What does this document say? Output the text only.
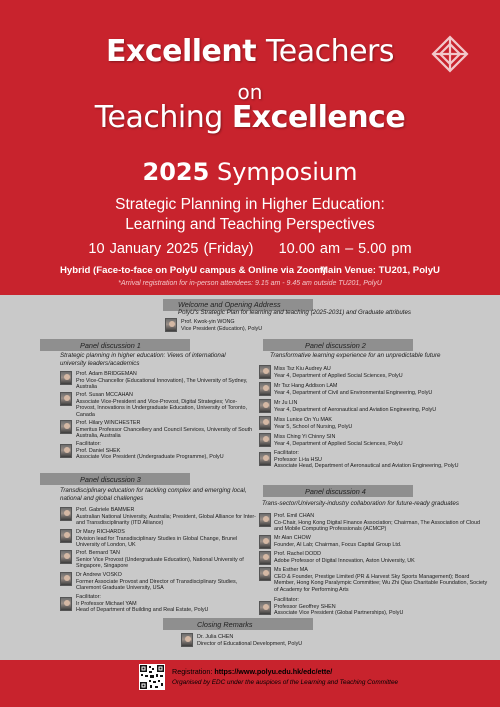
Excellent Teachers
on
Teaching Excellence
2025 Symposium
Strategic Planning in Higher Education:
Learning and Teaching Perspectives
10 January 2025 (Friday) 10.00 am – 5.00 pm
Hybrid (Face-to-face on PolyU campus & Online via Zoom)
Main Venue: TU201, PolyU
*Arrival registration for in-person attendees: 9.15 am - 9.45 am outside TU201, PolyU
Welcome and Opening Address
PolyU's Strategic Plan for learning and teaching (2025-2031) and Graduate attributes
Prof. Kwok-yin WONG
Vice President (Education), PolyU
Panel discussion 1
Strategic planning in higher education: Views of international university leaders/academics
Prof. Adam BRIDGEMAN
Pro Vice-Chancellor (Educational Innovation), The University of Sydney, Australia
Prof. Susan MCCAHAN
Associate Vice-President and Vice-Provost, Digital Strategies; Vice-Provost, Innovations in Undergraduate Education, University of Toronto, Canada
Prof. Hilary WINCHESTER
Emeritus Professor Chancellery and Council Services, University of South Australia, Australia
Facilitator:
Prof. Daniel SHEK
Associate Vice President (Undergraduate Programme), PolyU
Panel discussion 2
Transformative learning experience for an unpredictable future
Miss Tsz Kiu Audrey AU
Year 4, Department of Applied Social Sciences, PolyU
Mr Tsz Hang Addison LAM
Year 4, Department of Civil and Environmental Engineering, PolyU
Mr Ju LIN
Year 4, Department of Aeronautical and Aviation Engineering, PolyU
Miss Lunice On Yu MAK
Year 5, School of Nursing, PolyU
Miss Ching Yi Chinny SIN
Year 4, Department of Applied Social Sciences, PolyU
Facilitator:
Professor Li-ta HSU
Associate Head, Department of Aeronautical and Aviation Engineering, PolyU
Panel discussion 3
Transdisciplinary education for tackling complex and emerging local, national and global challenges
Prof. Gabriele BAMMER
Australian National University, Australia; President, Global Alliance for Inter- and Transdisciplinarity (ITD Alliance)
Dr Mary RICHARDS
Division lead for Transdisciplinary Studies in Global Change, Brunel University of London, UK
Prof. Bernard TAN
Senior Vice Provost (Undergraduate Education), National University of Singapore, Singapore
Dr Andrew VOSKO
Former Associate Provost and Director of Transdisciplinary Studies, Claremont Graduate University, USA
Facilitator:
Ir Professor Michael YAM
Head of Department of Building and Real Estate, PolyU
Panel discussion 4
Trans-sector/University-industry collaboration for future-ready graduates
Prof. Emil CHAN
Co-Chair, Hong Kong Digital Finance Association; Chairman, The Association of Cloud and Mobile Computing Professionals (ACMCP)
Mr Alan CHOW
Founder, AI Lab; Chairman, Focus Capital Group Ltd.
Prof. Rachel DODD
Adobe Professor of Digital Innovation, Aston University, UK
Ms Esther MA
CEO & Founder, Prestige Limited (PR & Harvest Sky Sports Management); Board Member, Hong Kong Paralympic Committee; Wu Zhi Qiao Charitable Foundation, Society of Academy for Performing Arts
Facilitator:
Professor Geoffrey SHEN
Associate Vice President (Global Partnerships), PolyU
Closing Remarks
Dr. Julia CHEN
Director of Educational Development, PolyU
Registration: https://www.polyu.edu.hk/edc/ette/
Organised by EDC under the auspices of the Learning and Teaching Committee
